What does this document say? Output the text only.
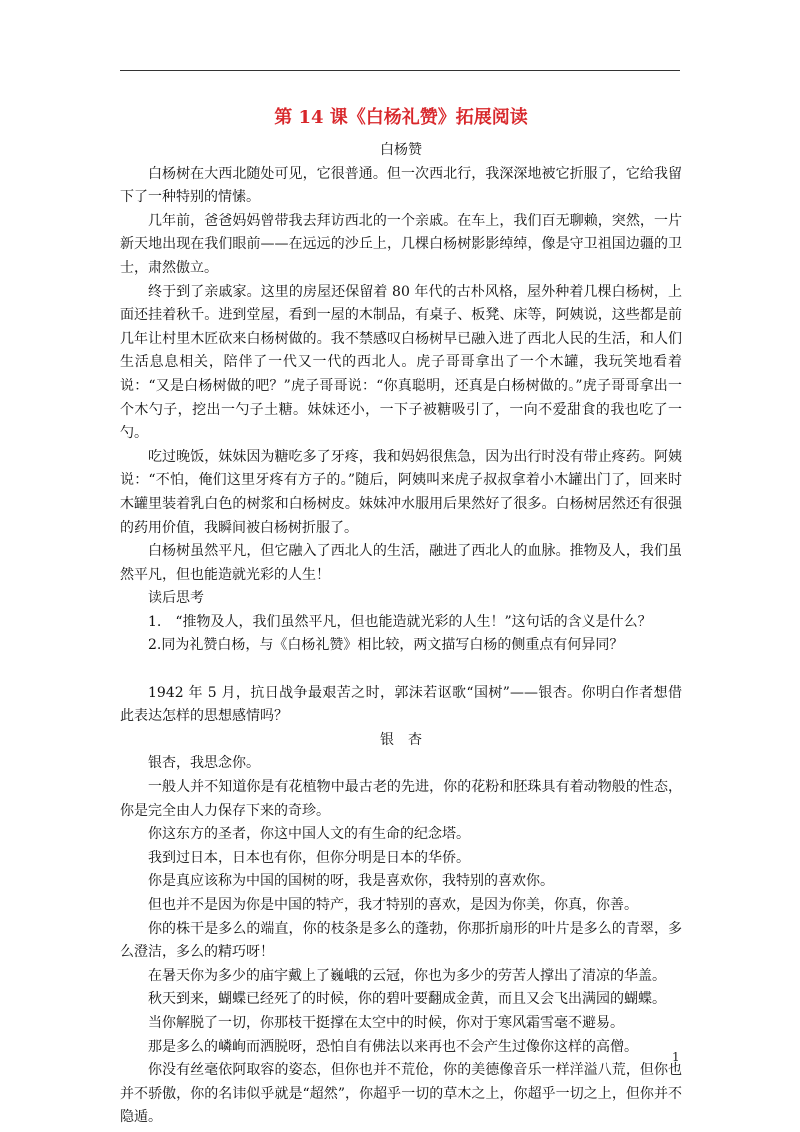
第 14 课《白杨礼赞》拓展阅读
白杨赞

白杨树在大西北随处可见，它很普通。但一次西北行，我深深地被它折服了，它给我留下了一种特别的情愫。

几年前，爸爸妈妈曾带我去拜访西北的一个亲戚。在车上，我们百无聊赖，突然，一片新天地出现在我们眼前——在远远的沙丘上，几棵白杨树影影绰绰，像是守卫祖国边疆的卫士，肃然傲立。

终于到了亲戚家。这里的房屋还保留着 80 年代的古朴风格，屋外种着几棵白杨树，上面还挂着秋千。进到堂屋，看到一屋的木制品，有桌子、板凳、床等，阿姨说，这些都是前几年让村里木匠砍来白杨树做的。我不禁感叹白杨树早已融入进了西北人民的生活，和人们生活息息相关，陪伴了一代又一代的西北人。虎子哥哥拿出了一个木罐，我玩笑地看着说：“又是白杨树做的吧？”虎子哥哥说：“你真聪明，还真是白杨树做的。”虎子哥哥拿出一个木勺子，挖出一勺子土糖。妹妹还小，一下子被糖吸引了，一向不爱甜食的我也吃了一勺。

吃过晚饭，妹妹因为糖吃多了牙疼，我和妈妈很焦急，因为出行时没有带止疼药。阿姨说：“不怕，俺们这里牙疼有方子的。”随后，阿姨叫来虎子叔叔拿着小木罐出门了，回来时木罐里装着乳白色的树浆和白杨树皮。妹妹冲水服用后果然好了很多。白杨树居然还有很强的药用价值，我瞬间被白杨树折服了。

白杨树虽然平凡，但它融入了西北人的生活，融进了西北人的血脉。推物及人，我们虽然平凡，但也能造就光彩的人生！

读后思考

1.　“推物及人，我们虽然平凡，但也能造就光彩的人生！”这句话的含义是什么？

2.同为礼赞白杨，与《白杨礼赞》相比较，两文描写白杨的侧重点有何异同？

1942 年 5 月，抗日战争最艰苦之时，郭沫若讴歌“国树”——银杏。你明白作者想借此表达怎样的思想感情吗？

银　杏

银杏，我思念你。

一般人并不知道你是有花植物中最古老的先进，你的花粉和胚珠具有着动物般的性态，你是完全由人力保存下来的奇珍。

你这东方的圣者，你这中国人文的有生命的纪念塔。

我到过日本，日本也有你，但你分明是日本的华侨。

你是真应该称为中国的国树的呀，我是喜欢你，我特别的喜欢你。

但也并不是因为你是中国的特产，我才特别的喜欢，是因为你美，你真，你善。

你的株干是多么的端直，你的枝条是多么的蓬勃，你那折扇形的叶片是多么的青翠，多么澄洁，多么的精巧呀！

在暑天你为多少的庙宇戴上了巍峨的云冠，你也为多少的劳苦人撑出了清凉的华盖。

秋天到来，蝴蝶已经死了的时候，你的碧叶要翻成金黄，而且又会飞出满园的蝴蝶。

当你解脱了一切，你那枝干挺撑在太空中的时候，你对于寒风霜雪毫不避易。

那是多么的嶙峋而洒脱呀，恐怕自有佛法以来再也不会产生过像你这样的高僧。

你没有丝毫依阿取容的姿态，但你也并不荒伧，你的美德像音乐一样洋溢八荒，但你也并不骄傲，你的名讳似乎就是“超然”，你超乎一切的草木之上，你超乎一切之上，但你并不隐遁。

1
